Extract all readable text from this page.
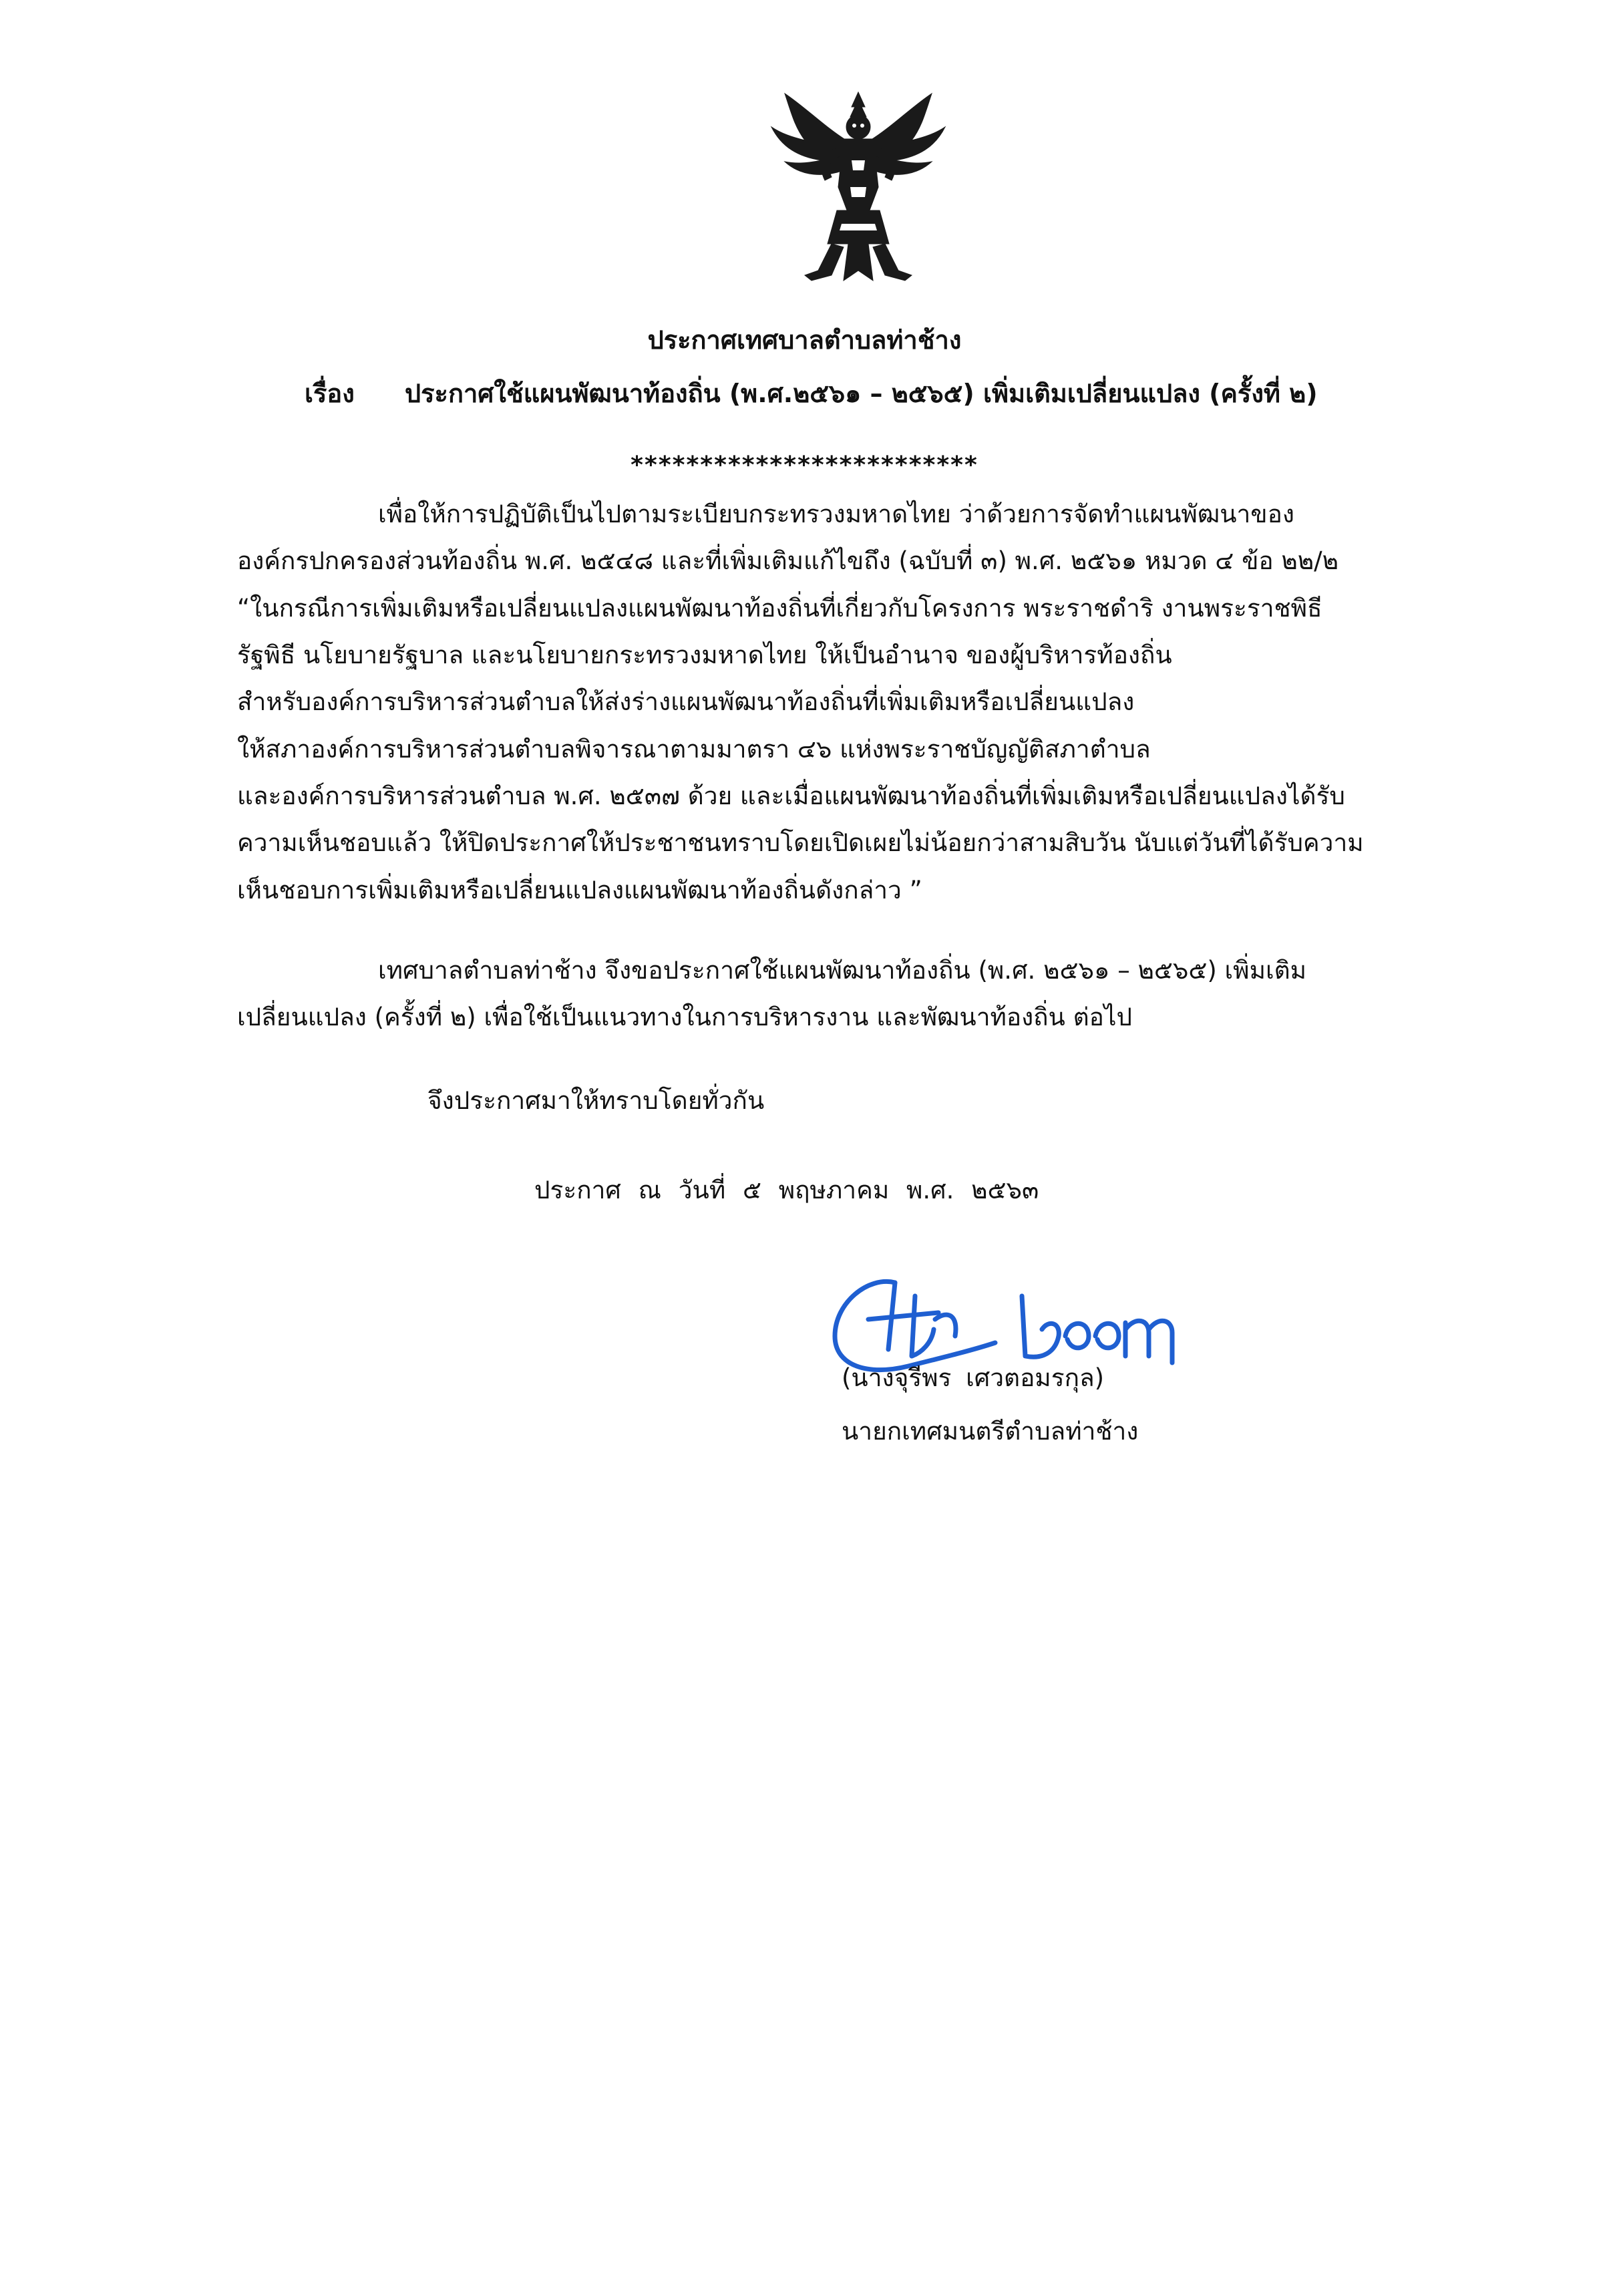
ประกาศเทศบาลตำบลท่าช้าง
เรื่อง ประกาศใช้แผนพัฒนาท้องถิ่น (พ.ศ.๒๕๖๑ – ๒๕๖๕) เพิ่มเติมเปลี่ยนแปลง (ครั้งที่ ๒)
*************************
เพื่อให้การปฏิบัติเป็นไปตามระเบียบกระทรวงมหาดไทย ว่าด้วยการจัดทำแผนพัฒนาของ
องค์กรปกครองส่วนท้องถิ่น พ.ศ. ๒๕๔๘ และที่เพิ่มเติมแก้ไขถึง (ฉบับที่ ๓) พ.ศ. ๒๕๖๑ หมวด ๔ ข้อ ๒๒/๒
“ในกรณีการเพิ่มเติมหรือเปลี่ยนแปลงแผนพัฒนาท้องถิ่นที่เกี่ยวกับโครงการ พระราชดำริ งานพระราชพิธี
รัฐพิธี นโยบายรัฐบาล และนโยบายกระทรวงมหาดไทย ให้เป็นอำนาจ ของผู้บริหารท้องถิ่น
สำหรับองค์การบริหารส่วนตำบลให้ส่งร่างแผนพัฒนาท้องถิ่นที่เพิ่มเติมหรือเปลี่ยนแปลง
ให้สภาองค์การบริหารส่วนตำบลพิจารณาตามมาตรา ๔๖ แห่งพระราชบัญญัติสภาตำบล
และองค์การบริหารส่วนตำบล พ.ศ. ๒๕๓๗ ด้วย และเมื่อแผนพัฒนาท้องถิ่นที่เพิ่มเติมหรือเปลี่ยนแปลงได้รับ
ความเห็นชอบแล้ว ให้ปิดประกาศให้ประชาชนทราบโดยเปิดเผยไม่น้อยกว่าสามสิบวัน นับแต่วันที่ได้รับความ
เห็นชอบการเพิ่มเติมหรือเปลี่ยนแปลงแผนพัฒนาท้องถิ่นดังกล่าว ”
เทศบาลตำบลท่าช้าง จึงขอประกาศใช้แผนพัฒนาท้องถิ่น (พ.ศ. ๒๕๖๑ – ๒๕๖๕) เพิ่มเติม
เปลี่ยนแปลง (ครั้งที่ ๒) เพื่อใช้เป็นแนวทางในการบริหารงาน และพัฒนาท้องถิ่น ต่อไป
จึงประกาศมาให้ทราบโดยทั่วกัน
ประกาศ ณ วันที่ ๕ พฤษภาคม พ.ศ. ๒๕๖๓
(นางจุรีพร เศวตอมรกุล)
นายกเทศมนตรีตำบลท่าช้าง
